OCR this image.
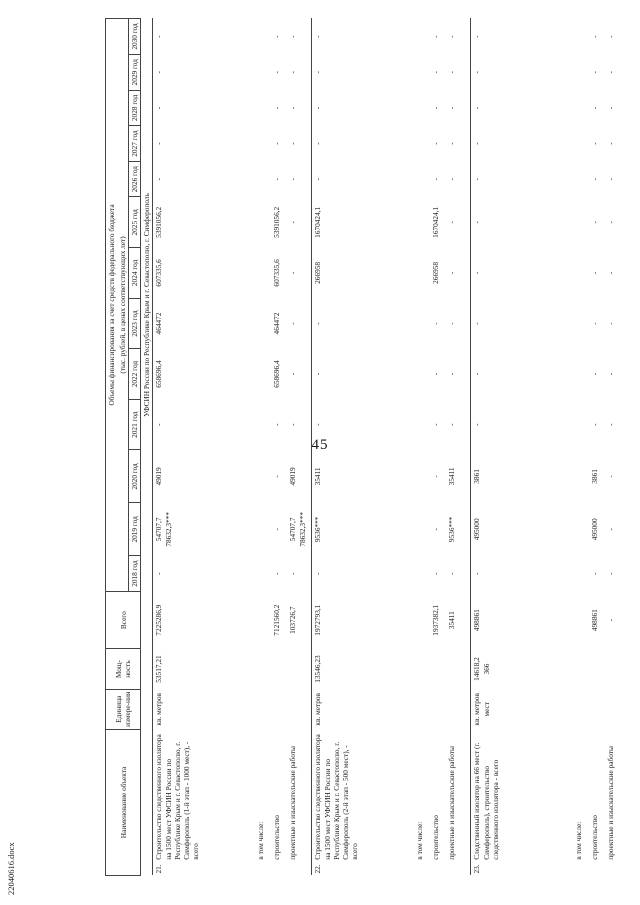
45
Наименование объекта		Единица измере-ния	Мощ-ность	Всего	Объемы финансирования за счет средств федерального бюджета												
					(тыс. рублей, в ценах соответствующих лет)												
					2018 год	2019 год	2020 год	2021 год	2022 год	2023 год	2024 год	2025 год	2026 год	2027 год	2028 год	2029 год	2030 год
					УФСИН России по Республике Крым и г. Севастополю, г. Симферополь												
21.	Строительство следственного изолятора на 1500 мест УФСИН России по Республике Крым и г. Севастополю, г. Симферополь (1-й этап - 1000 мест), - всего	кв. метров	53517,21	7225286,9	-	54707,7
78632,3***	49019	-	658696,4	464472	607335,6	5391056,2	-	-	-	-	-
	в том числе:																
	строительство			7121560,2	-	-	-	-	658696,4	464472	607335,6	5391056,2	-	-	-	-	-
	проектные и изыскательские работы			103726,7	-	54707,7
78632,3***	49019	-	-	-	-	-	-	-	-	-	-
22.	Строительство следственного изолятора на 1500 мест УФСИН России по Республике Крым и г. Севастополю, г. Симферополь (2-й этап - 500 мест), - всего	кв. метров	13546,23	1972793,1	-	9536***	35411	-	-	-	266958	1670424,1	-	-	-	-	-
	в том числе:																
	строительство			1937382,1	-	-	-	-	-	-	266958	1670424,1	-	-	-	-	-
	проектные и изыскательские работы			35411	-	9536***	35411	-	-	-	-	-	-	-	-	-	-
23.	Следственный изолятор на 66 мест (г. Симферополь), строительство следственного изолятора - всего	кв. метров
мест	14618,2
366	498861	-	495000	3861	-	-	-	-	-	-	-	-	-	-
	в том числе:																
	строительство			498861	-	495000	3861	-	-	-	-	-	-	-	-	-	-
	проектные и изыскательские работы			-	-	-	-	-	-	-	-	-	-	-	-	-	-
22040616.docx
